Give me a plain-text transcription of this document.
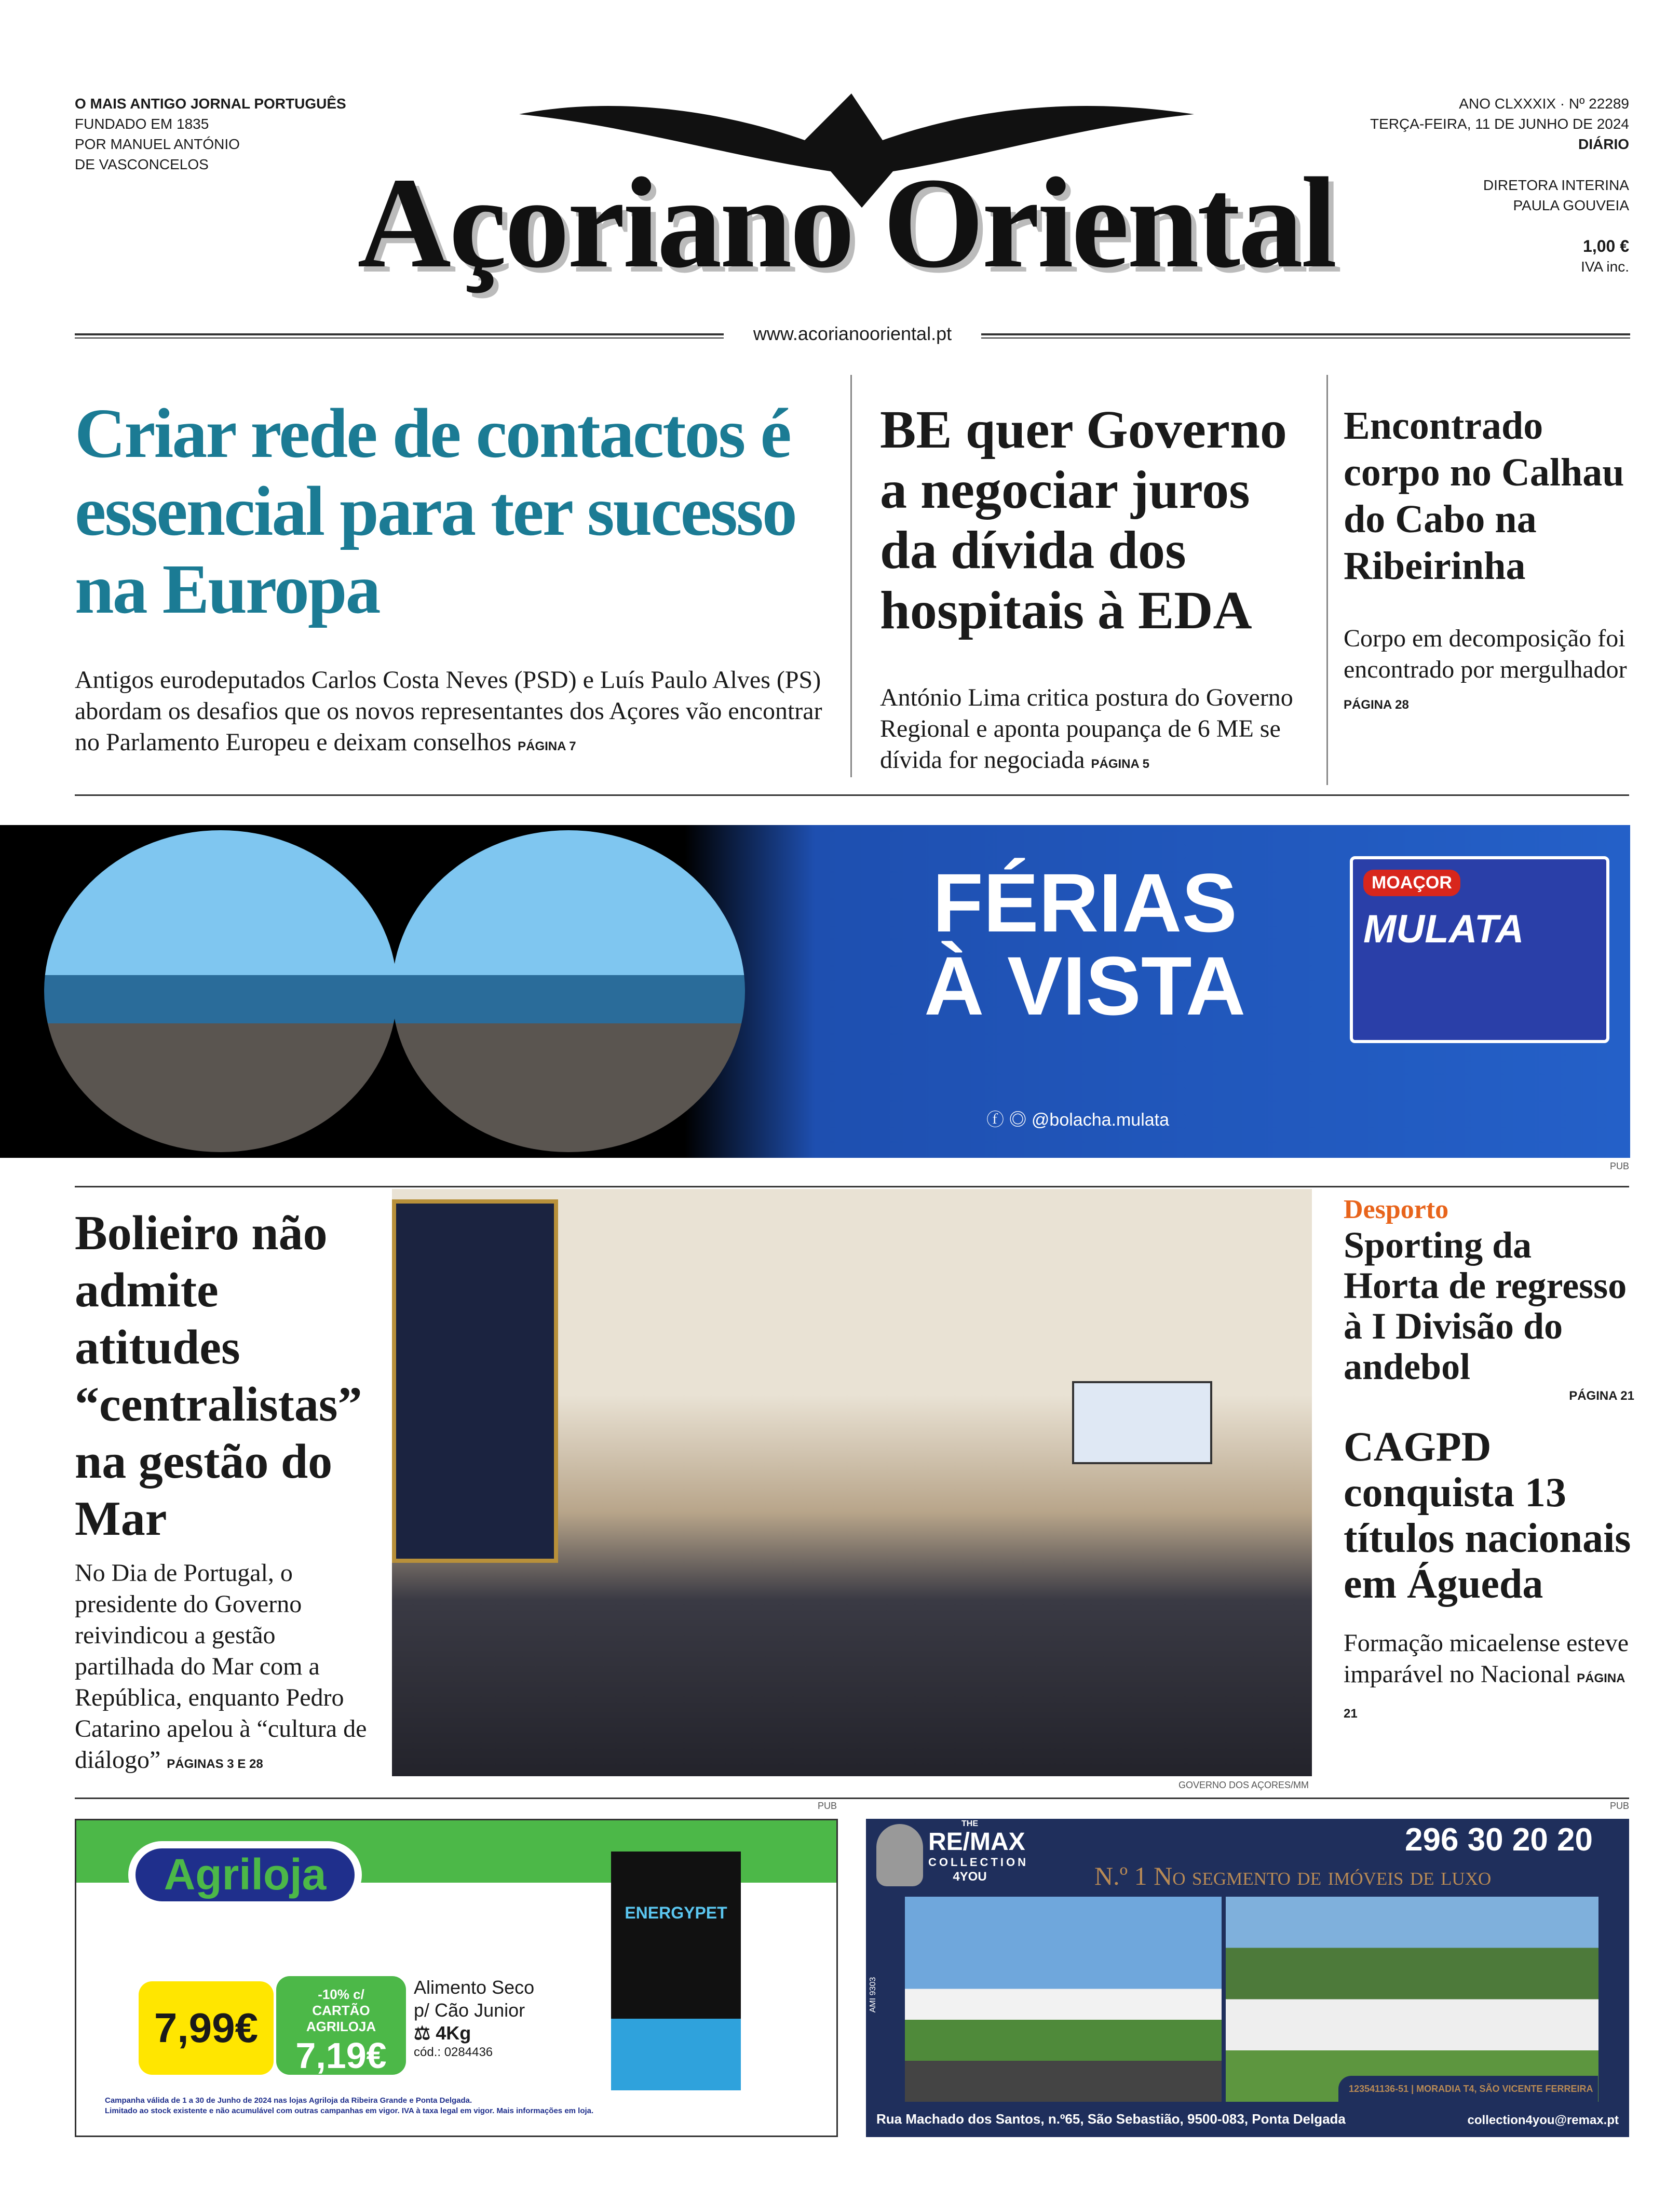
O MAIS ANTIGO JORNAL PORTUGUÊS
FUNDADO EM 1835
POR MANUEL ANTÓNIO
DE VASCONCELOS	Açoriano Oriental
ANO CLXXXIX · Nº 22289
TERÇA-FEIRA, 11 DE JUNHO DE 2024
DIÁRIO
DIRETORA INTERINA
PAULA GOUVEIA
1,00 €
IVA inc.
www.acorianooriental.pt
Criar rede de contactos é essencial para ter sucesso na Europa
Antigos eurodeputados Carlos Costa Neves (PSD) e Luís Paulo Alves (PS) abordam os desafios que os novos representantes dos Açores vão encontrar no Parlamento Europeu e deixam conselhos PÁGINA 7
BE quer Governo a negociar juros da dívida dos hospitais à EDA
António Lima critica postura do Governo Regional e aponta poupança de 6 ME se dívida for negociada PÁGINA 5
Encontrado corpo no Calhau do Cabo na Ribeirinha
Corpo em decomposição foi encontrado por mergulhador PÁGINA 28
FÉRIAS
À VISTA
ⓕ ◎ @bolacha.mulata
MOAÇOR
MULATA
PUB
Bolieiro não admite atitudes “centralistas” na gestão do Mar
No Dia de Portugal, o presidente do Governo reivindicou a gestão partilhada do Mar com a República, enquanto Pedro Catarino apelou à “cultura de diálogo” PÁGINAS 3 E 28
GOVERNO DOS AÇORES/MM
Desporto
Sporting da Horta de regresso à I Divisão do andebol
PÁGINA 21
CAGPD conquista 13 títulos nacionais em Águeda
Formação micaelense esteve imparável no Nacional PÁGINA 21
PUB
Agriloja
7,99€
-10% c/
CARTÃO AGRILOJA
7,19€
Alimento Seco
p/ Cão Junior
⚖ 4Kg
cód.: 0284436
Campanha válida de 1 a 30 de Junho de 2024 nas lojas Agriloja da Ribeira Grande e Ponta Delgada.
Limitado ao stock existente e não acumulável com outras campanhas em vigor. IVA à taxa legal em vigor. Mais informações em loja.
ENERGYPET
PUB
THE
RE/MAX
COLLECTION
4YOU
296 30 20 20
N.º 1 No segmento de imóveis de luxo
AMI 9303
123541136-51 | MORADIA T4, SÃO VICENTE FERREIRA
Rua Machado dos Santos, n.º65, São Sebastião, 9500-083, Ponta Delgada	collection4you@remax.pt
